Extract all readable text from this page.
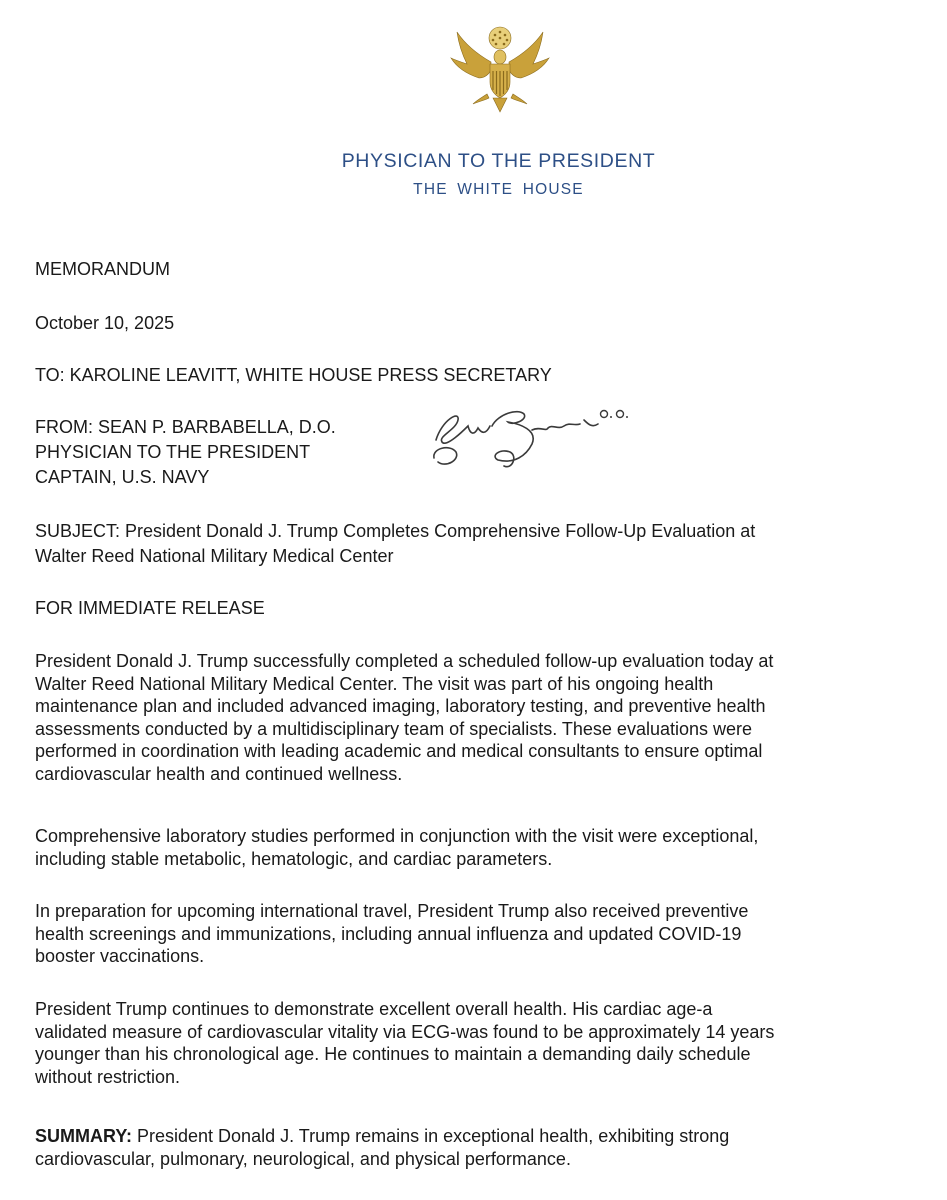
PHYSICIAN TO THE PRESIDENT
THE WHITE HOUSE
MEMORANDUM
October 10, 2025
TO: KAROLINE LEAVITT, WHITE HOUSE PRESS SECRETARY
FROM: SEAN P. BARBABELLA, D.O.
PHYSICIAN TO THE PRESIDENT
CAPTAIN, U.S. NAVY
SUBJECT: President Donald J. Trump Completes Comprehensive Follow-Up Evaluation at
Walter Reed National Military Medical Center
FOR IMMEDIATE RELEASE
President Donald J. Trump successfully completed a scheduled follow-up evaluation today at
Walter Reed National Military Medical Center. The visit was part of his ongoing health
maintenance plan and included advanced imaging, laboratory testing, and preventive health
assessments conducted by a multidisciplinary team of specialists. These evaluations were
performed in coordination with leading academic and medical consultants to ensure optimal
cardiovascular health and continued wellness.
Comprehensive laboratory studies performed in conjunction with the visit were exceptional,
including stable metabolic, hematologic, and cardiac parameters.
In preparation for upcoming international travel, President Trump also received preventive
health screenings and immunizations, including annual influenza and updated COVID-19
booster vaccinations.
President Trump continues to demonstrate excellent overall health. His cardiac age-a
validated measure of cardiovascular vitality via ECG-was found to be approximately 14 years
younger than his chronological age. He continues to maintain a demanding daily schedule
without restriction.
SUMMARY: President Donald J. Trump remains in exceptional health, exhibiting strong
cardiovascular, pulmonary, neurological, and physical performance.
